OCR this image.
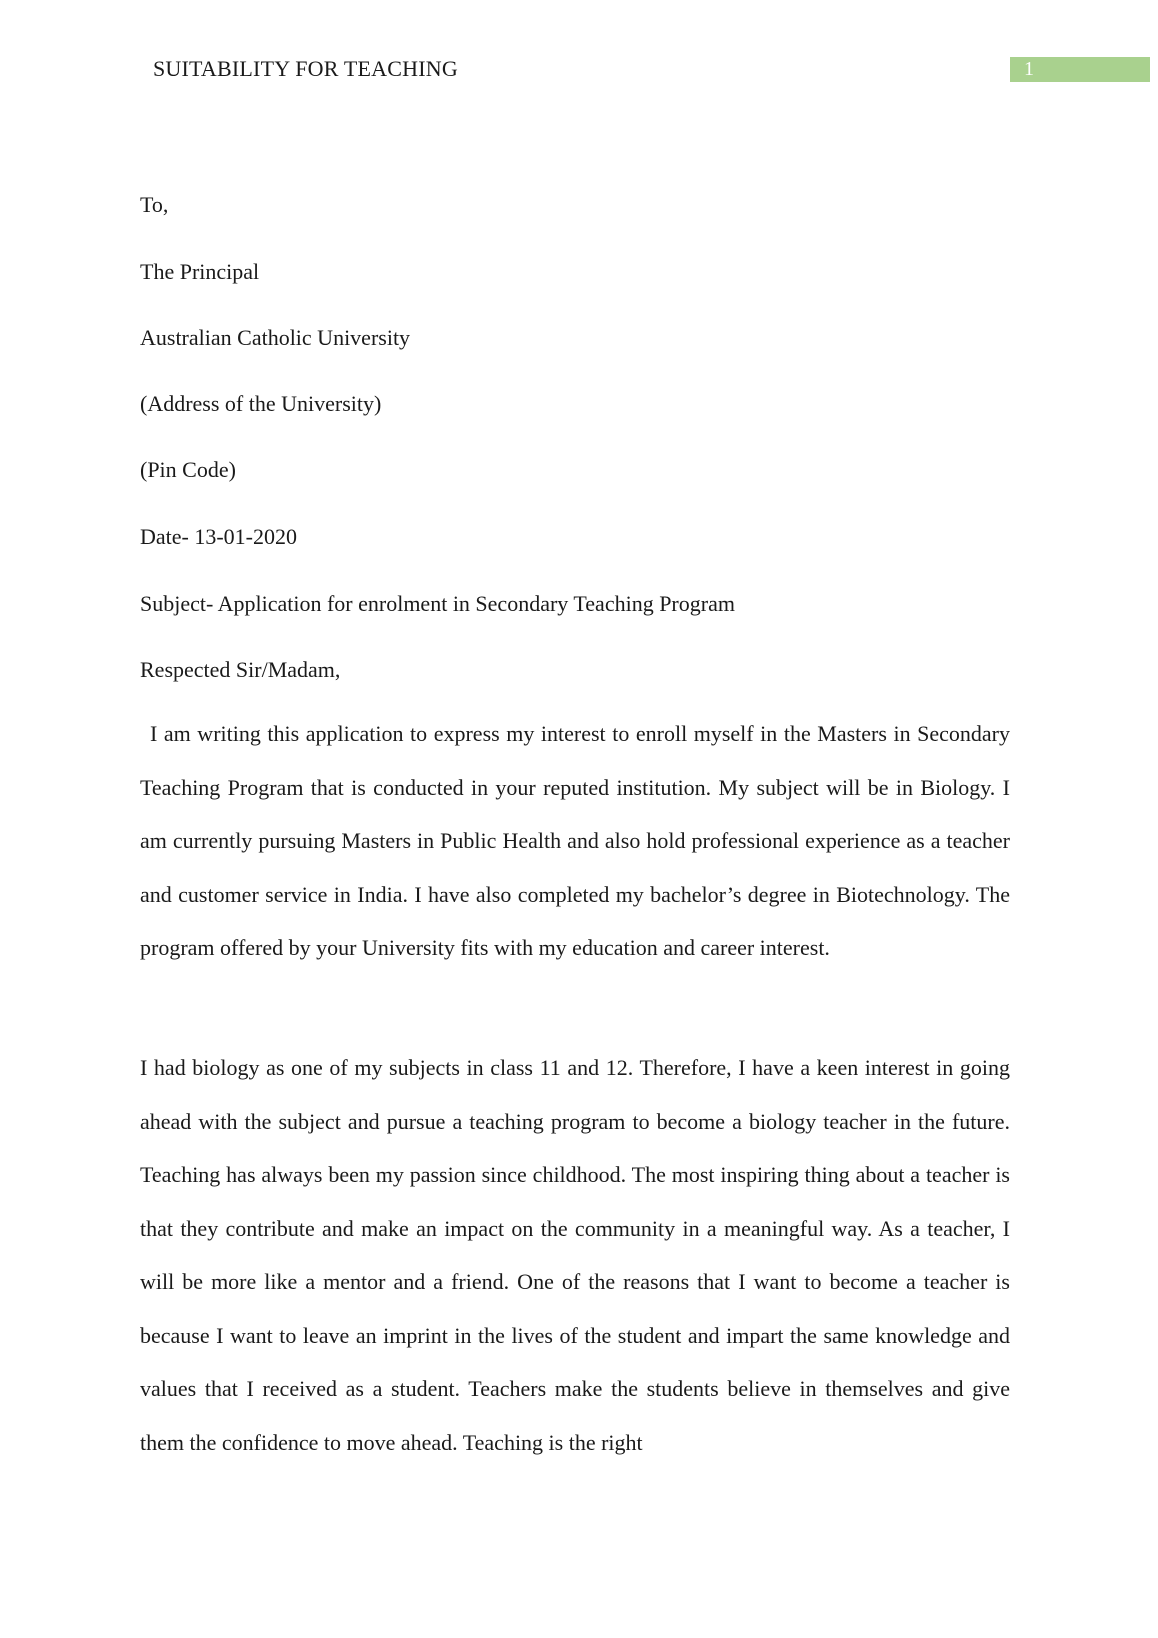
SUITABILITY FOR TEACHING	1
To,
The Principal
Australian Catholic University
(Address of the University)
(Pin Code)
Date- 13-01-2020
Subject- Application for enrolment in Secondary Teaching Program
Respected Sir/Madam,

I am writing this application to express my interest to enroll myself in the Masters in Secondary Teaching Program that is conducted in your reputed institution. My subject will be in Biology. I am currently pursuing Masters in Public Health and also hold professional experience as a teacher and customer service in India. I have also completed my bachelor’s degree in Biotechnology. The program offered by your University fits with my education and career interest.

I had biology as one of my subjects in class 11 and 12. Therefore, I have a keen interest in going ahead with the subject and pursue a teaching program to become a biology teacher in the future. Teaching has always been my passion since childhood. The most inspiring thing about a teacher is that they contribute and make an impact on the community in a meaningful way. As a teacher, I will be more like a mentor and a friend. One of the reasons that I want to become a teacher is because I want to leave an imprint in the lives of the student and impart the same knowledge and values that I received as a student. Teachers make the students believe in themselves and give them the confidence to move ahead. Teaching is the right
